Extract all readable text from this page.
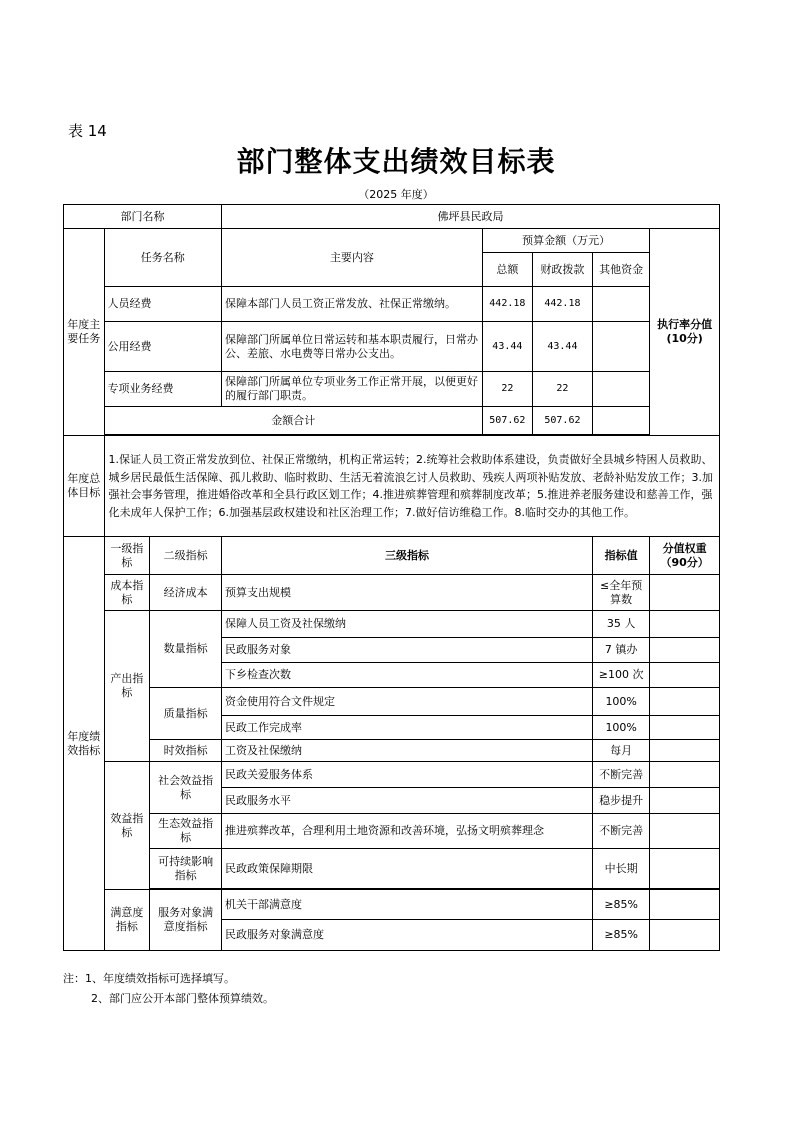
表 14
部门整体支出绩效目标表
（2025 年度）
部门名称			佛坪县民政局				
年度主要任务	任务名称		主要内容	预算金额（万元）			执行率分值(10分)
				总额	财政拨款	其他资金	
	人员经费		保障本部门人员工资正常发放、社保正常缴纳。	442.18	442.18		
	公用经费		保障部门所属单位日常运转和基本职责履行，日常办公、差旅、水电费等日常办公支出。	43.44	43.44		
	专项业务经费		保障部门所属单位专项业务工作正常开展，以便更好的履行部门职责。	22	22		
	金额合计			507.62	507.62		

年度总体目标	1.保证人员工资正常发放到位、社保正常缴纳，机构正常运转；2.统筹社会救助体系建设，负责做好全县城乡特困人员救助、城乡居民最低生活保障、孤儿救助、临时救助、生活无着流浪乞讨人员救助、残疾人两项补贴发放、老龄补贴发放工作；3.加强社会事务管理，推进婚俗改革和全县行政区划工作；4.推进殡葬管理和殡葬制度改革；5.推进养老服务建设和慈善工作，强化未成年人保护工作；6.加强基层政权建设和社区治理工作；7.做好信访维稳工作。8.临时交办的其他工作。						
年度绩效指标	一级指标	二级指标	三级指标			指标值	分值权重（90分）
	成本指标	经济成本	预算支出规模			≤全年预算数	
	产出指标	数量指标	保障人员工资及社保缴纳			35 人	
			民政服务对象			7 镇办	
			下乡检查次数			≥100 次	
		质量指标	资金使用符合文件规定			100%	
			民政工作完成率			100%	
		时效指标	工资及社保缴纳			每月	
	效益指标	社会效益指标	民政关爱服务体系			不断完善	
			民政服务水平			稳步提升	
		生态效益指标	推进殡葬改革，合理利用土地资源和改善环境，弘扬文明殡葬理念			不断完善	
		可持续影响指标	民政政策保障期限			中长期	

	满意度指标	服务对象满意度指标	机关干部满意度			≥85%	
			民政服务对象满意度			≥85%	
注：1、年度绩效指标可选择填写。
2、部门应公开本部门整体预算绩效。
